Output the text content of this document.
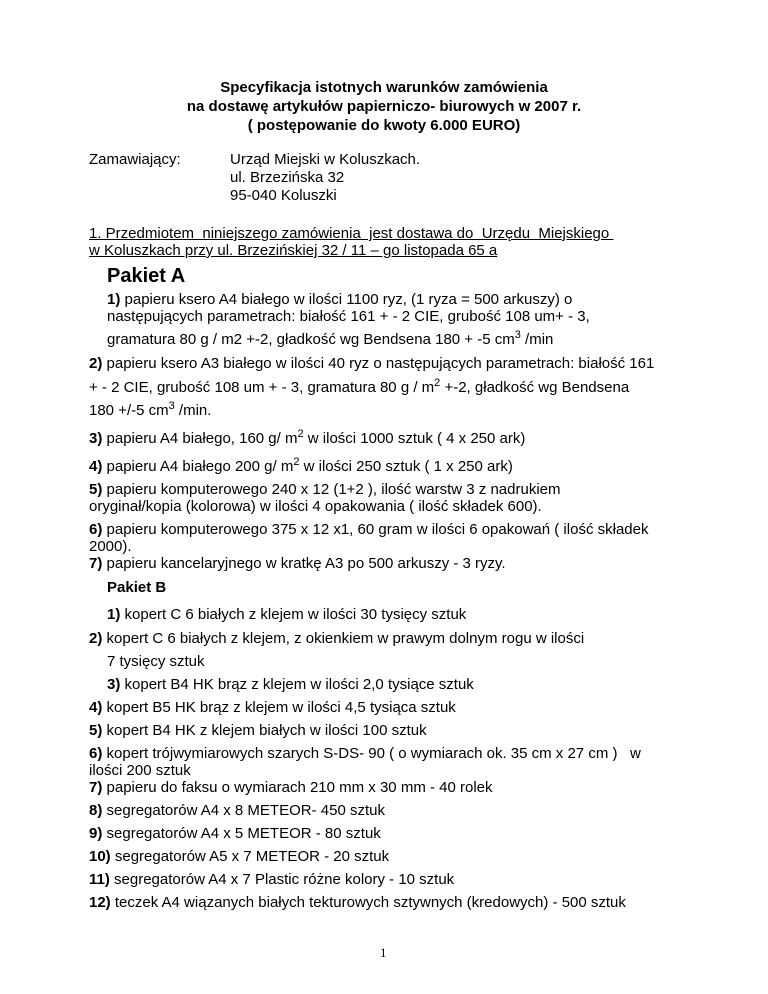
Specyfikacja istotnych warunków zamówienia
na dostawę artykułów papierniczo- biurowych w 2007 r.
( postępowanie do kwoty 6.000 EURO)
Zamawiający:	Urząd Miejski w Koluszkach.
ul. Brzezińska 32
95-040 Koluszki
1. Przedmiotem  niniejszego zamówienia  jest dostawa do  Urzędu  Miejskiego
w Koluszkach przy ul. Brzezińskiej 32 / 11 – go listopada 65 a
Pakiet A
1) papieru ksero A4 białego w ilości 1100 ryz, (1 ryza = 500 arkuszy) o
następujących parametrach: białość 161 + - 2 CIE, grubość 108 um+ - 3,
gramatura 80 g / m2 +-2, gładkość wg Bendsena 180 + -5 $cm^3$ /min
2) papieru ksero A3 białego w ilości 40 ryz o następujących parametrach: białość 161
+ - 2 CIE, grubość 108 um + - 3, gramatura 80 $g / m^2 +-2$, gładkość wg Bendsena
180 +/-5 $cm^3$ /min.
3) papieru A4 białego, 160 g/ $m^2$ w ilości 1000 sztuk ( 4 x 250 ark)
4) papieru A4 białego 200 g/ $m^2$ w ilości 250 sztuk ( 1 x 250 ark)
5) papieru komputerowego 240 x 12 (1+2 ), ilość warstw 3 z nadrukiem
oryginał/kopia (kolorowa) w ilości 4 opakowania ( ilość składek 600).
6) papieru komputerowego 375 x 12 x1, 60 gram w ilości 6 opakowań ( ilość składek
2000).
7) papieru kancelaryjnego w kratkę A3 po 500 arkuszy - 3 ryzy.
Pakiet B
1) kopert C 6 białych z klejem w ilości 30 tysięcy sztuk
2) kopert C 6 białych z klejem, z okienkiem w prawym dolnym rogu w ilości
7 tysięcy sztuk
3) kopert B4 HK brąz z klejem w ilości 2,0 tysiące sztuk
4) kopert B5 HK brąz z klejem w ilości 4,5 tysiąca sztuk
5) kopert B4 HK z klejem białych w ilości 100 sztuk
6) kopert trójwymiarowych szarych S-DS- 90 ( o wymiarach ok. 35 cm x 27 cm )   w
ilości 200 sztuk
7) papieru do faksu o wymiarach 210 mm x 30 mm - 40 rolek
8) segregatorów A4 x 8 METEOR- 450 sztuk
9) segregatorów A4 x 5 METEOR - 80 sztuk
10) segregatorów A5 x 7 METEOR - 20 sztuk
11) segregatorów A4 x 7 Plastic różne kolory - 10 sztuk
12) teczek A4 wiązanych białych tekturowych sztywnych (kredowych) - 500 sztuk
1
